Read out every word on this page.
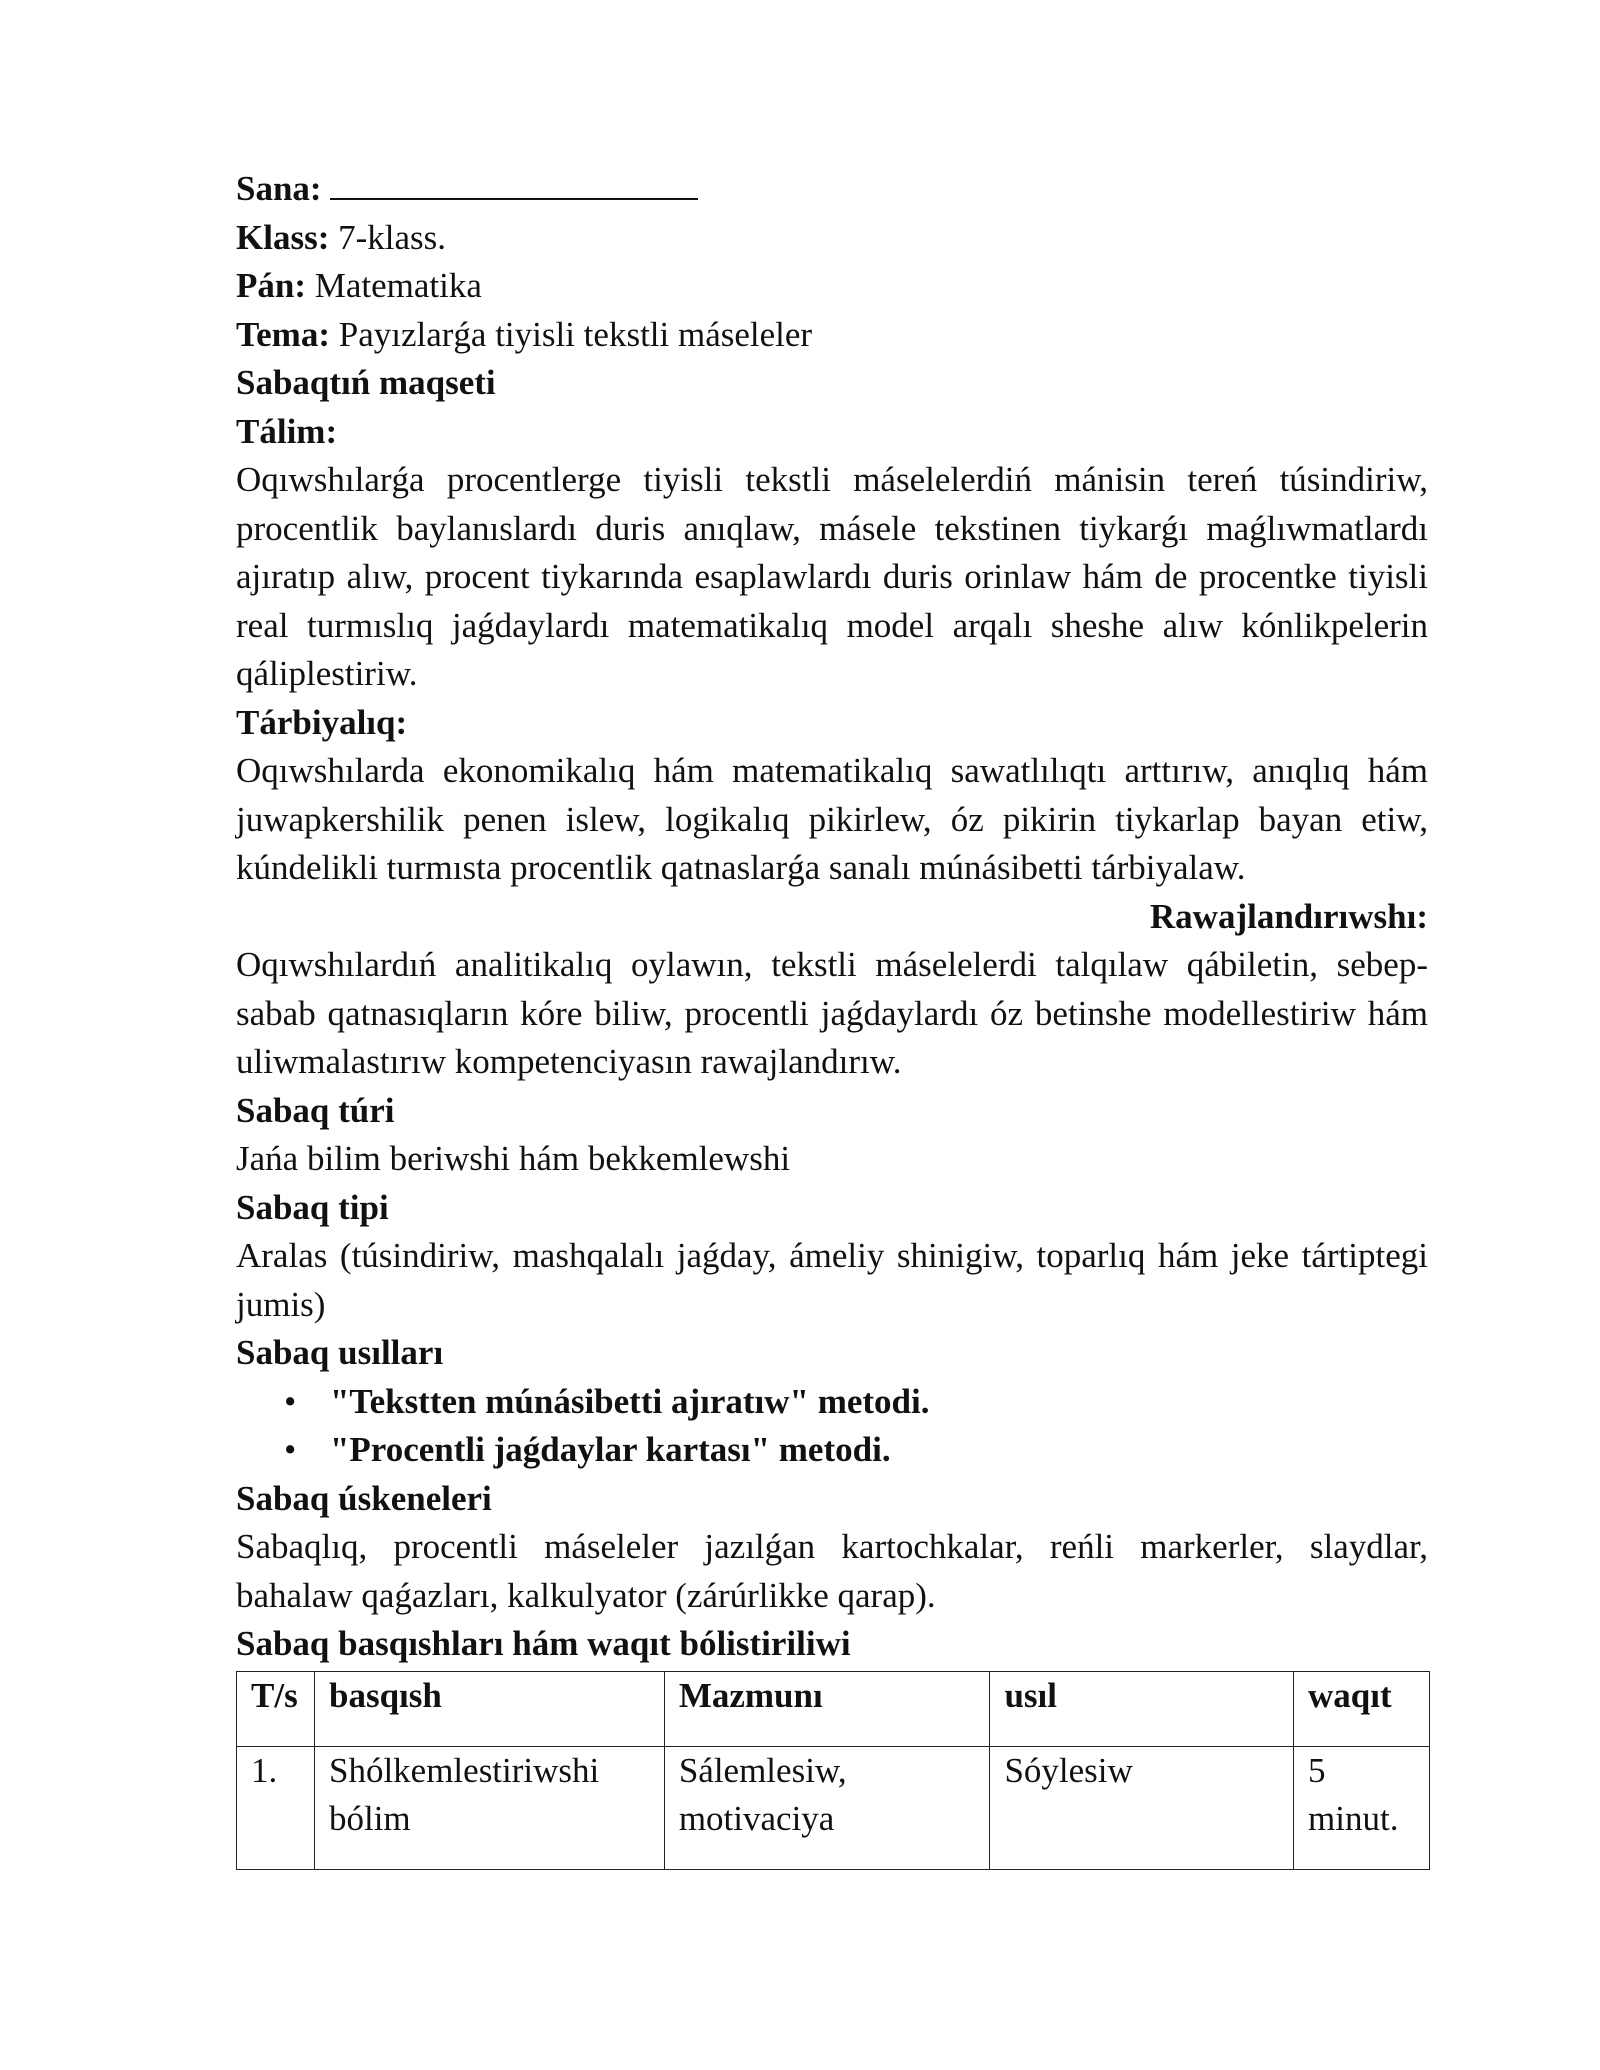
Sana:

Klass: 7-klass.

Pán: Matematika

Tema: Payızlarǵa tiyisli tekstli máseleler

Sabaqtıń maqseti

Tálim:

Oqıwshılarǵa procentlerge tiyisli tekstli máselelerdiń mánisin tereń túsindiriw, procentlik baylanıslardı duris anıqlaw, másele tekstinen tiykarǵı maǵlıwmatlardı ajıratıp alıw, procent tiykarında esaplawlardı duris orinlaw hám de procentke tiyisli real turmıslıq jaǵdaylardı matematikalıq model arqalı sheshe alıw kónlikpelerin qáliplestiriw.

Tárbiyalıq:

Oqıwshılarda ekonomikalıq hám matematikalıq sawatlılıqtı arttırıw, anıqlıq hám juwapkershilik penen islew, logikalıq pikirlew, óz pikirin tiykarlap bayan etiw, kúndelikli turmısta procentlik qatnaslarǵa sanalı múnásibetti tárbiyalaw.

Rawajlandırıwshı:

Oqıwshılardıń analitikalıq oylawın, tekstli máselelerdi talqılaw qábiletin, sebep-sabab qatnasıqların kóre biliw, procentli jaǵdaylardı óz betinshe modellestiriw hám uliwmalastırıw kompetenciyasın rawajlandırıw.

Sabaq túri

Jańa bilim beriwshi hám bekkemlewshi

Sabaq tipi

Aralas (túsindiriw, mashqalalı jaǵday, ámeliy shinigiw, toparlıq hám jeke tártiptegi jumis)

Sabaq usılları

• "Tekstten múnásibetti ajıratıw" metodi.
• "Procentli jaǵdaylar kartası" metodi.

Sabaq úskeneleri

Sabaqlıq, procentli máseleler jazılǵan kartochkalar, reńli markerler, slaydlar, bahalaw qaǵazları, kalkulyator (zárúrlikke qarap).

Sabaq basqıshları hám waqıt bólistiriliwi

T/s	basqısh	Mazmunı	usıl	waqıt
1.	Shólkemlestiriwshi bólim	Sálemlesiw, motivaciya	Sóylesiw	5 minut.
